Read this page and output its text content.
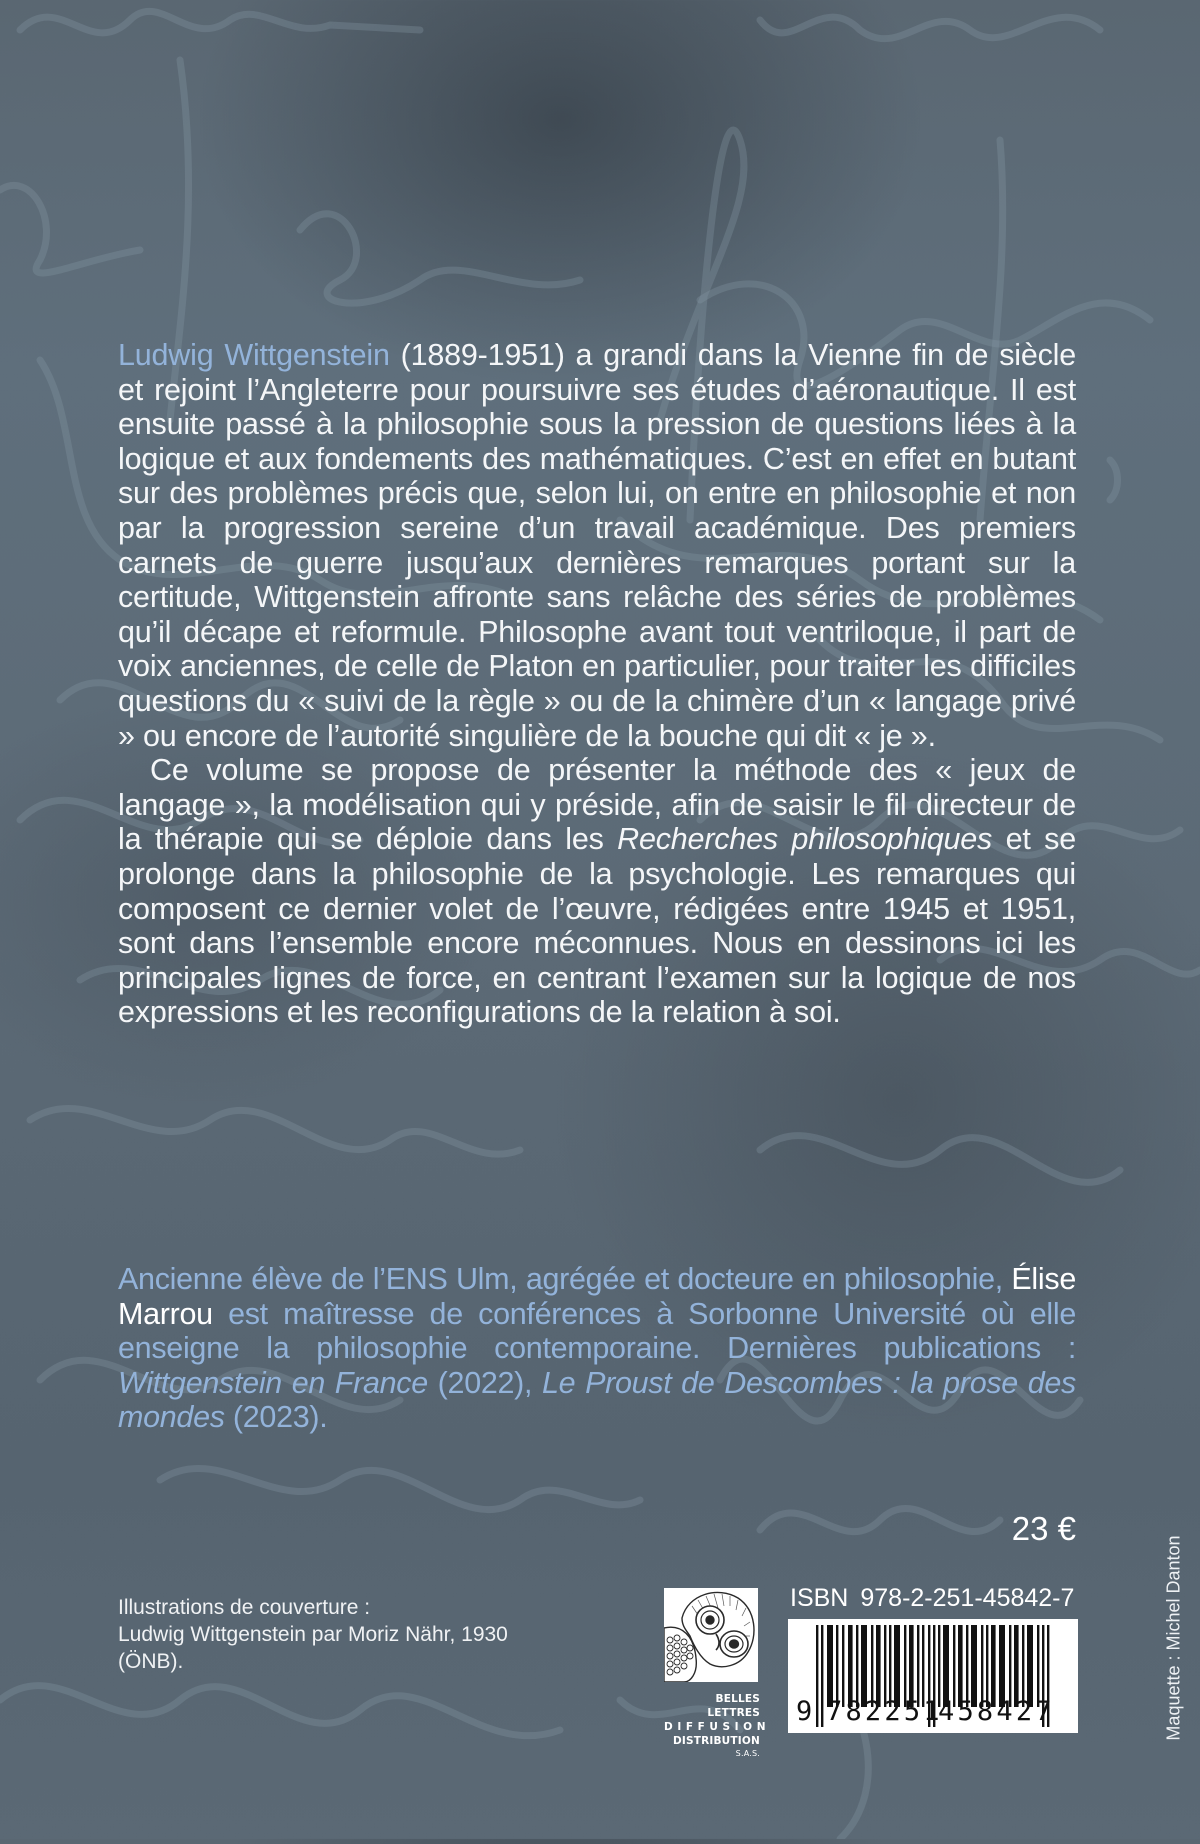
Ludwig Wittgenstein (1889-1951) a grandi dans la Vienne fin de siècle et rejoint l’Angleterre pour poursuivre ses études d’aéronautique. Il est ensuite passé à la philosophie sous la pression de questions liées à la logique et aux fondements des mathématiques. C’est en effet en butant sur des problèmes précis que, selon lui, on entre en philosophie et non par la progression sereine d’un travail académique. Des premiers carnets de guerre jusqu’aux dernières remarques portant sur la certitude, Wittgenstein affronte sans relâche des séries de problèmes qu’il décape et reformule. Philosophe avant tout ventriloque, il part de voix anciennes, de celle de Platon en particulier, pour traiter les difficiles questions du « suivi de la règle » ou de la chimère d’un « langage privé » ou encore de l’autorité singulière de la bouche qui dit « je ».

Ce volume se propose de présenter la méthode des « jeux de langage », la modélisation qui y préside, afin de saisir le fil directeur de la thérapie qui se déploie dans les Recherches philosophiques et se prolonge dans la philosophie de la psychologie. Les remarques qui composent ce dernier volet de l’œuvre, rédigées entre 1945 et 1951, sont dans l’ensemble encore méconnues. Nous en dessinons ici les principales lignes de force, en centrant l’examen sur la logique de nos expressions et les reconfigurations de la relation à soi.

Ancienne élève de l’ENS Ulm, agrégée et docteure en philosophie, Élise Marrou est maîtresse de conférences à Sorbonne Université où elle enseigne la philosophie contemporaine. Dernières publications : Wittgenstein en France (2022), Le Proust de Descombes : la prose des mondes (2023).
23 €
Illustrations de couverture :
Ludwig Wittgenstein par Moriz Nähr, 1930
(ÖNB).
BELLES LETTRES
DIFFUSION
DISTRIBUTION
S.A.S.
ISBN 978-2-251-45842-7
9 782251
458427	Maquette : Michel Danton
